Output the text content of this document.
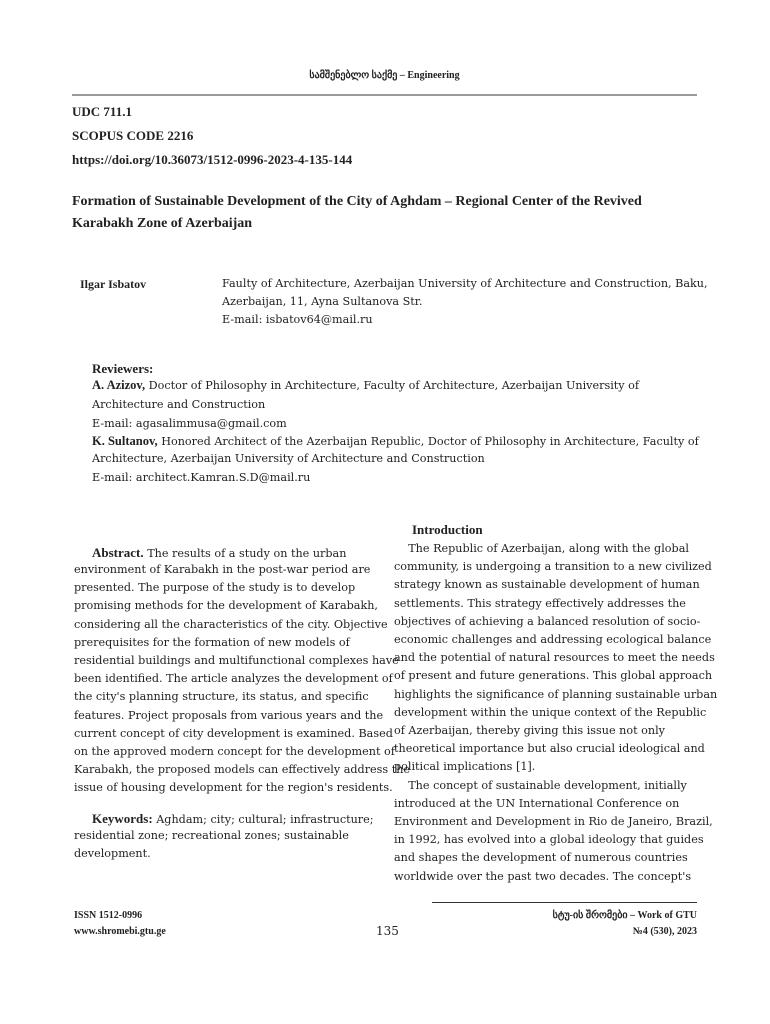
სამშენებლო საქმე – Engineering
UDC 711.1
SCOPUS CODE 2216
https://doi.org/10.36073/1512-0996-2023-4-135-144
Formation of Sustainable Development of the City of Aghdam – Regional Center of the Revived
Karabakh Zone of Azerbaijan
Ilgar Isbatov	Faulty of Architecture, Azerbaijan University of Architecture and Construction, Baku,
Azerbaijan, 11, Ayna Sultanova Str.
E-mail: isbatov64@mail.ru
Reviewers:
A. Azizov, Doctor of Philosophy in Architecture, Faculty of Architecture, Azerbaijan University of
Architecture and Construction
E-mail: agasalimmusa@gmail.com
K. Sultanov, Honored Architect of the Azerbaijan Republic, Doctor of Philosophy in Architecture, Faculty of
Architecture, Azerbaijan University of Architecture and Construction
E-mail: architect.Kamran.S.D@mail.ru
Abstract. The results of a study on the urban
environment of Karabakh in the post-war period are
presented. The purpose of the study is to develop
promising methods for the development of Karabakh,
considering all the characteristics of the city. Objective
prerequisites for the formation of new models of
residential buildings and multifunctional complexes have
been identified. The article analyzes the development of
the city's planning structure, its status, and specific
features. Project proposals from various years and the
current concept of city development is examined. Based
on the approved modern concept for the development of
Karabakh, the proposed models can effectively address the
issue of housing development for the region's residents.
Keywords: Aghdam; city; cultural; infrastructure;
residential zone; recreational zones; sustainable
development.
Introduction
The Republic of Azerbaijan, along with the global
community, is undergoing a transition to a new civilized
strategy known as sustainable development of human
settlements. This strategy effectively addresses the
objectives of achieving a balanced resolution of socio-
economic challenges and addressing ecological balance
and the potential of natural resources to meet the needs
of present and future generations. This global approach
highlights the significance of planning sustainable urban
development within the unique context of the Republic
of Azerbaijan, thereby giving this issue not only
theoretical importance but also crucial ideological and
political implications [1].
The concept of sustainable development, initially
introduced at the UN International Conference on
Environment and Development in Rio de Janeiro, Brazil,
in 1992, has evolved into a global ideology that guides
and shapes the development of numerous countries
worldwide over the past two decades. The concept's
ISSN 1512-0996
www.shromebi.gtu.ge	135
სტუ-ის შრომები – Work of GTU
№4 (530), 2023
